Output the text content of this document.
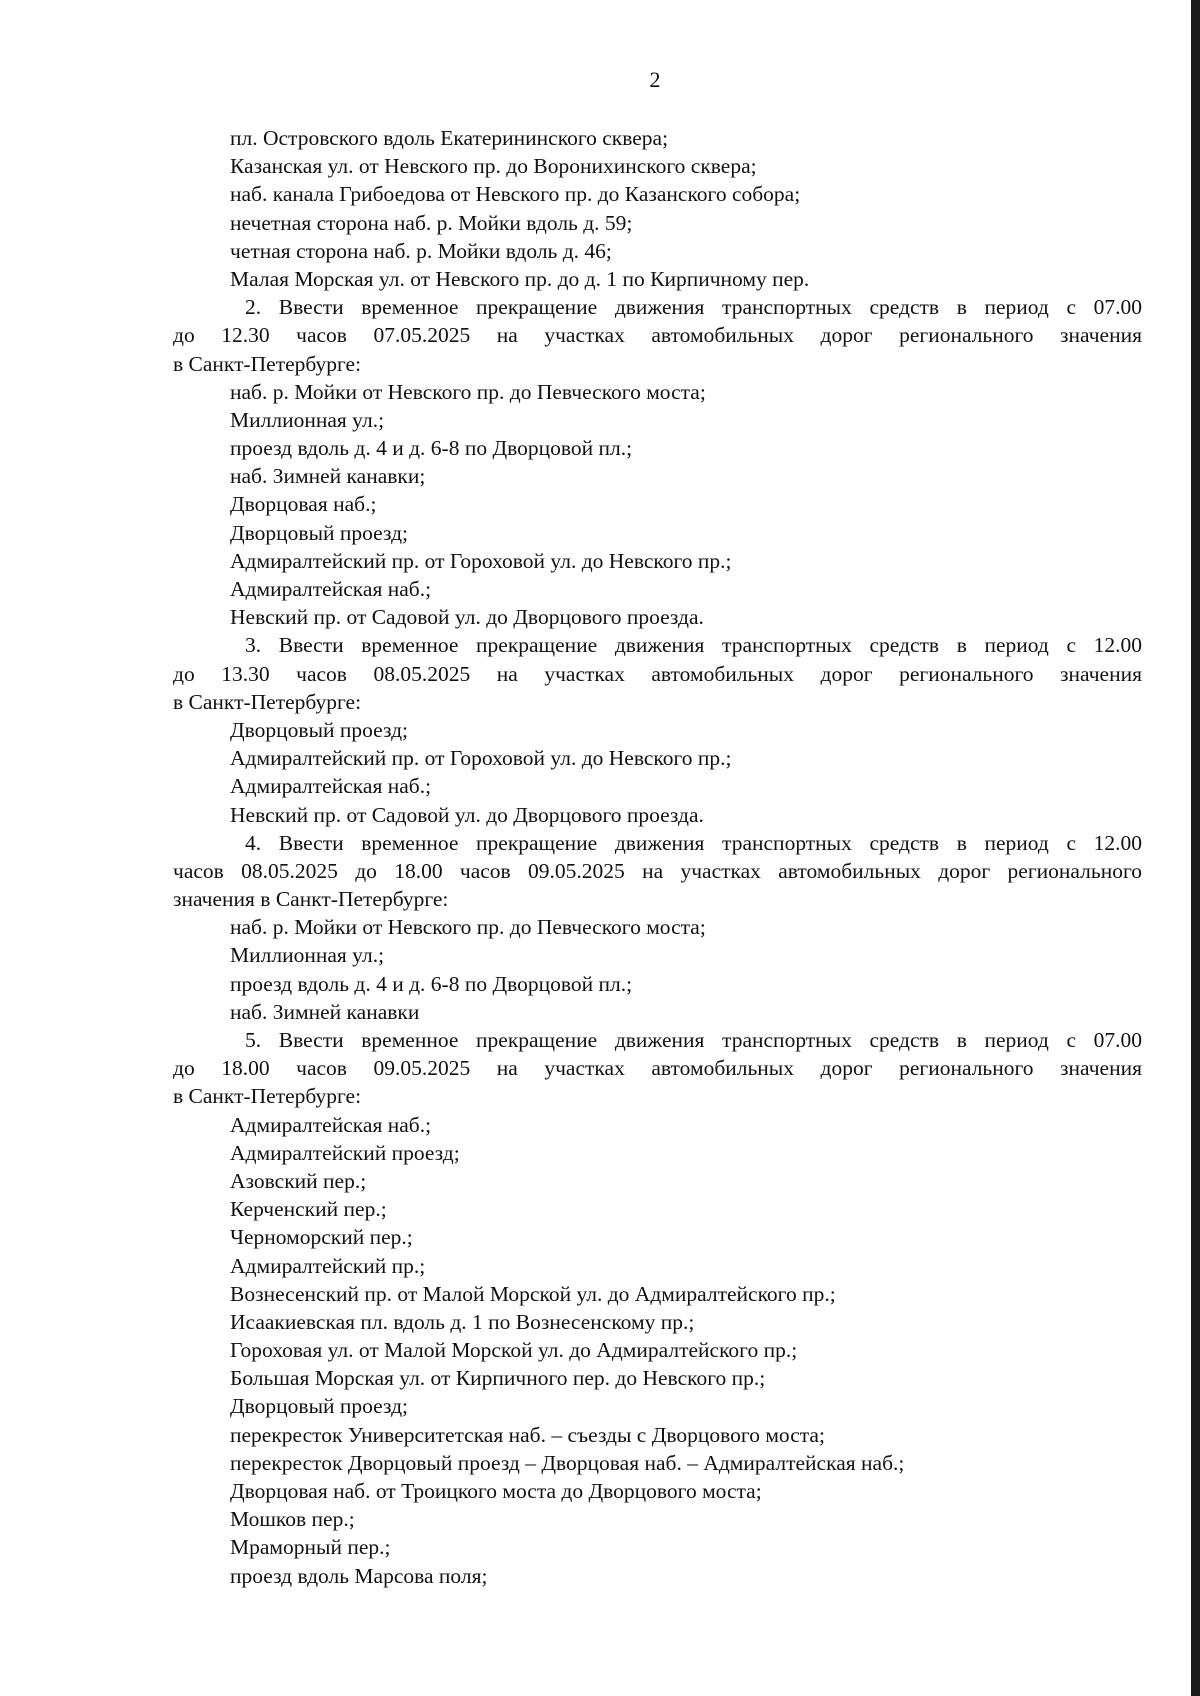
2
пл. Островского вдоль Екатерининского сквера;
Казанская ул. от Невского пр. до Воронихинского сквера;
наб. канала Грибоедова от Невского пр. до Казанского собора;
нечетная сторона наб. р. Мойки вдоль д. 59;
четная сторона наб. р. Мойки вдоль д. 46;
Малая Морская ул. от Невского пр. до д. 1 по Кирпичному пер.
2. Ввести временное прекращение движения транспортных средств в период с 07.00
до 12.30 часов 07.05.2025 на участках автомобильных дорог регионального значения
в Санкт-Петербурге:
наб. р. Мойки от Невского пр. до Певческого моста;
Миллионная ул.;
проезд вдоль д. 4 и д. 6-8 по Дворцовой пл.;
наб. Зимней канавки;
Дворцовая наб.;
Дворцовый проезд;
Адмиралтейский пр. от Гороховой ул. до Невского пр.;
Адмиралтейская наб.;
Невский пр. от Садовой ул. до Дворцового проезда.
3. Ввести временное прекращение движения транспортных средств в период с 12.00
до 13.30 часов 08.05.2025 на участках автомобильных дорог регионального значения
в Санкт-Петербурге:
Дворцовый проезд;
Адмиралтейский пр. от Гороховой ул. до Невского пр.;
Адмиралтейская наб.;
Невский пр. от Садовой ул. до Дворцового проезда.
4. Ввести временное прекращение движения транспортных средств в период с 12.00
часов 08.05.2025 до 18.00 часов 09.05.2025 на участках автомобильных дорог регионального
значения в Санкт-Петербурге:
наб. р. Мойки от Невского пр. до Певческого моста;
Миллионная ул.;
проезд вдоль д. 4 и д. 6-8 по Дворцовой пл.;
наб. Зимней канавки
5. Ввести временное прекращение движения транспортных средств в период с 07.00
до 18.00 часов 09.05.2025 на участках автомобильных дорог регионального значения
в Санкт-Петербурге:
Адмиралтейская наб.;
Адмиралтейский проезд;
Азовский пер.;
Керченский пер.;
Черноморский пер.;
Адмиралтейский пр.;
Вознесенский пр. от Малой Морской ул. до Адмиралтейского пр.;
Исаакиевская пл. вдоль д. 1 по Вознесенскому пр.;
Гороховая ул. от Малой Морской ул. до Адмиралтейского пр.;
Большая Морская ул. от Кирпичного пер. до Невского пр.;
Дворцовый проезд;
перекресток Университетская наб. – съезды с Дворцового моста;
перекресток Дворцовый проезд – Дворцовая наб. – Адмиралтейская наб.;
Дворцовая наб. от Троицкого моста до Дворцового моста;
Мошков пер.;
Мраморный пер.;
проезд вдоль Марсова поля;
